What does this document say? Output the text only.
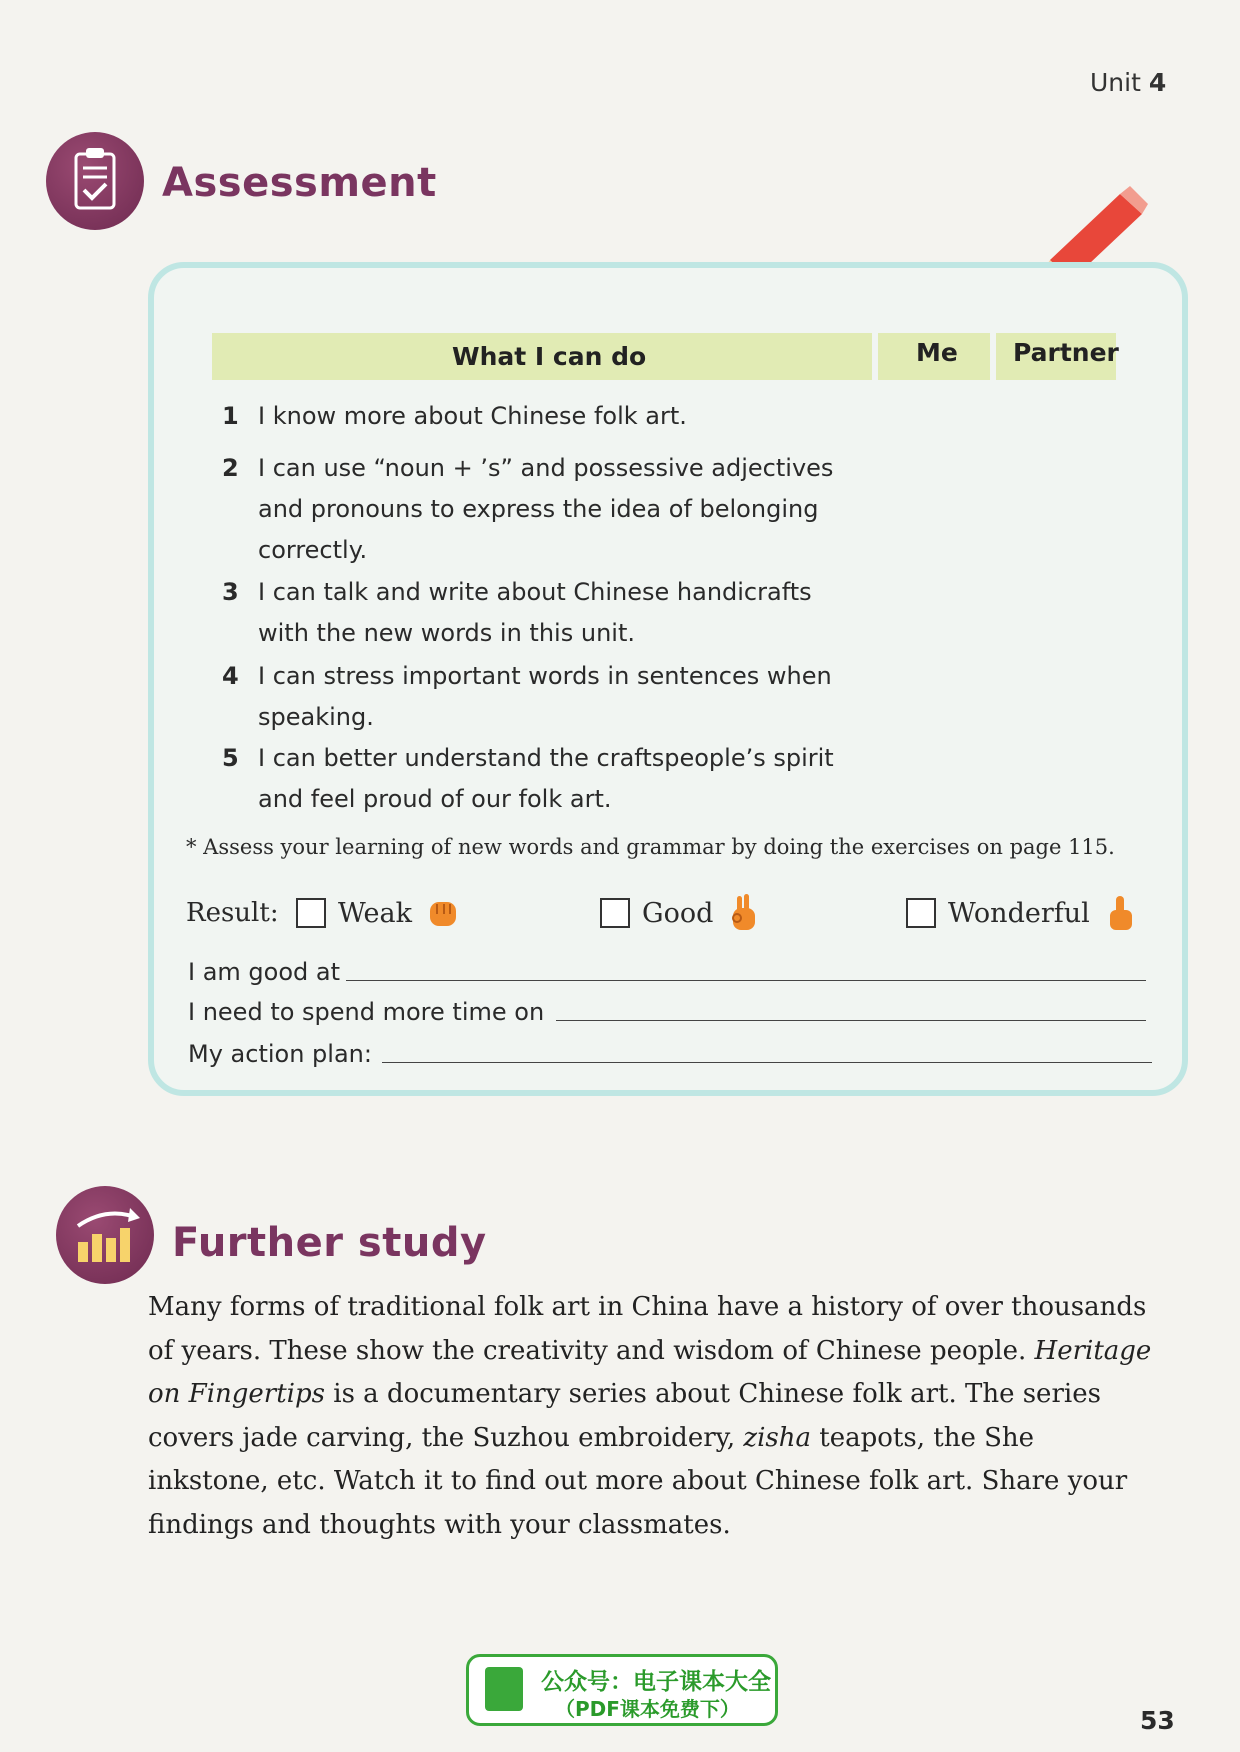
Unit 4
Assessment
What I can do	Me Partner
1 I know more about Chinese folk art.
2 I can use “noun + ’s” and possessive adjectives and pronouns to express the idea of belonging correctly.
3 I can talk and write about Chinese handicrafts with the new words in this unit.
4 I can stress important words in sentences when speaking.
5 I can better understand the craftspeople’s spirit and feel proud of our folk art.
* Assess your learning of new words and grammar by doing the exercises on page 115.
Result: Weak	Good	Wonderful
I am good at
I need to spend more time on
My action plan:
Further study
Many forms of traditional folk art in China have a history of over thousands of years. These show the creativity and wisdom of Chinese people. Heritage on Fingertips is a documentary series about Chinese folk art. The series covers jade carving, the Suzhou embroidery, zisha teapots, the She inkstone, etc. Watch it to find out more about Chinese folk art. Share your findings and thoughts with your classmates.
公众号：电子课本大全
（PDF课本免费下）	53
